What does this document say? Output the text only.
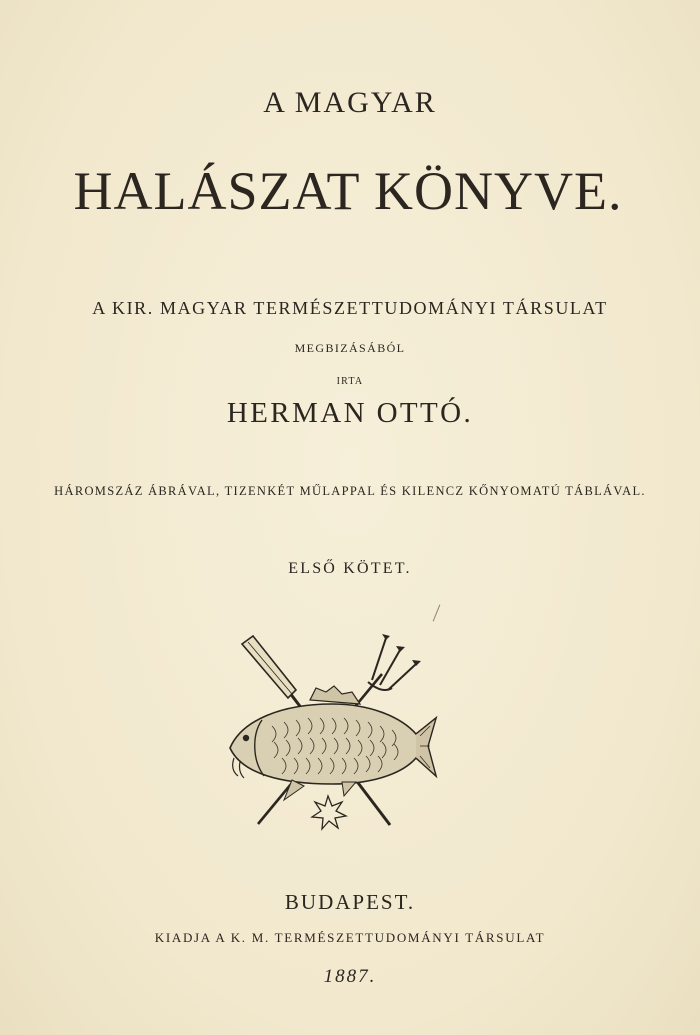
A MAGYAR
HALÁSZAT KÖNYVE.
A KIR. MAGYAR TERMÉSZETTUDOMÁNYI TÁRSULAT
MEGBIZÁSÁBÓL
IRTA
HERMAN OTTÓ.
HÁROMSZÁZ ÁBRÁVAL, TIZENKÉT MŰLAPPAL ÉS KILENCZ KŐNYOMATÚ TÁBLÁVAL.
ELSŐ KÖTET.
BUDAPEST.
KIADJA A K. M. TERMÉSZETTUDOMÁNYI TÁRSULAT
1887.
